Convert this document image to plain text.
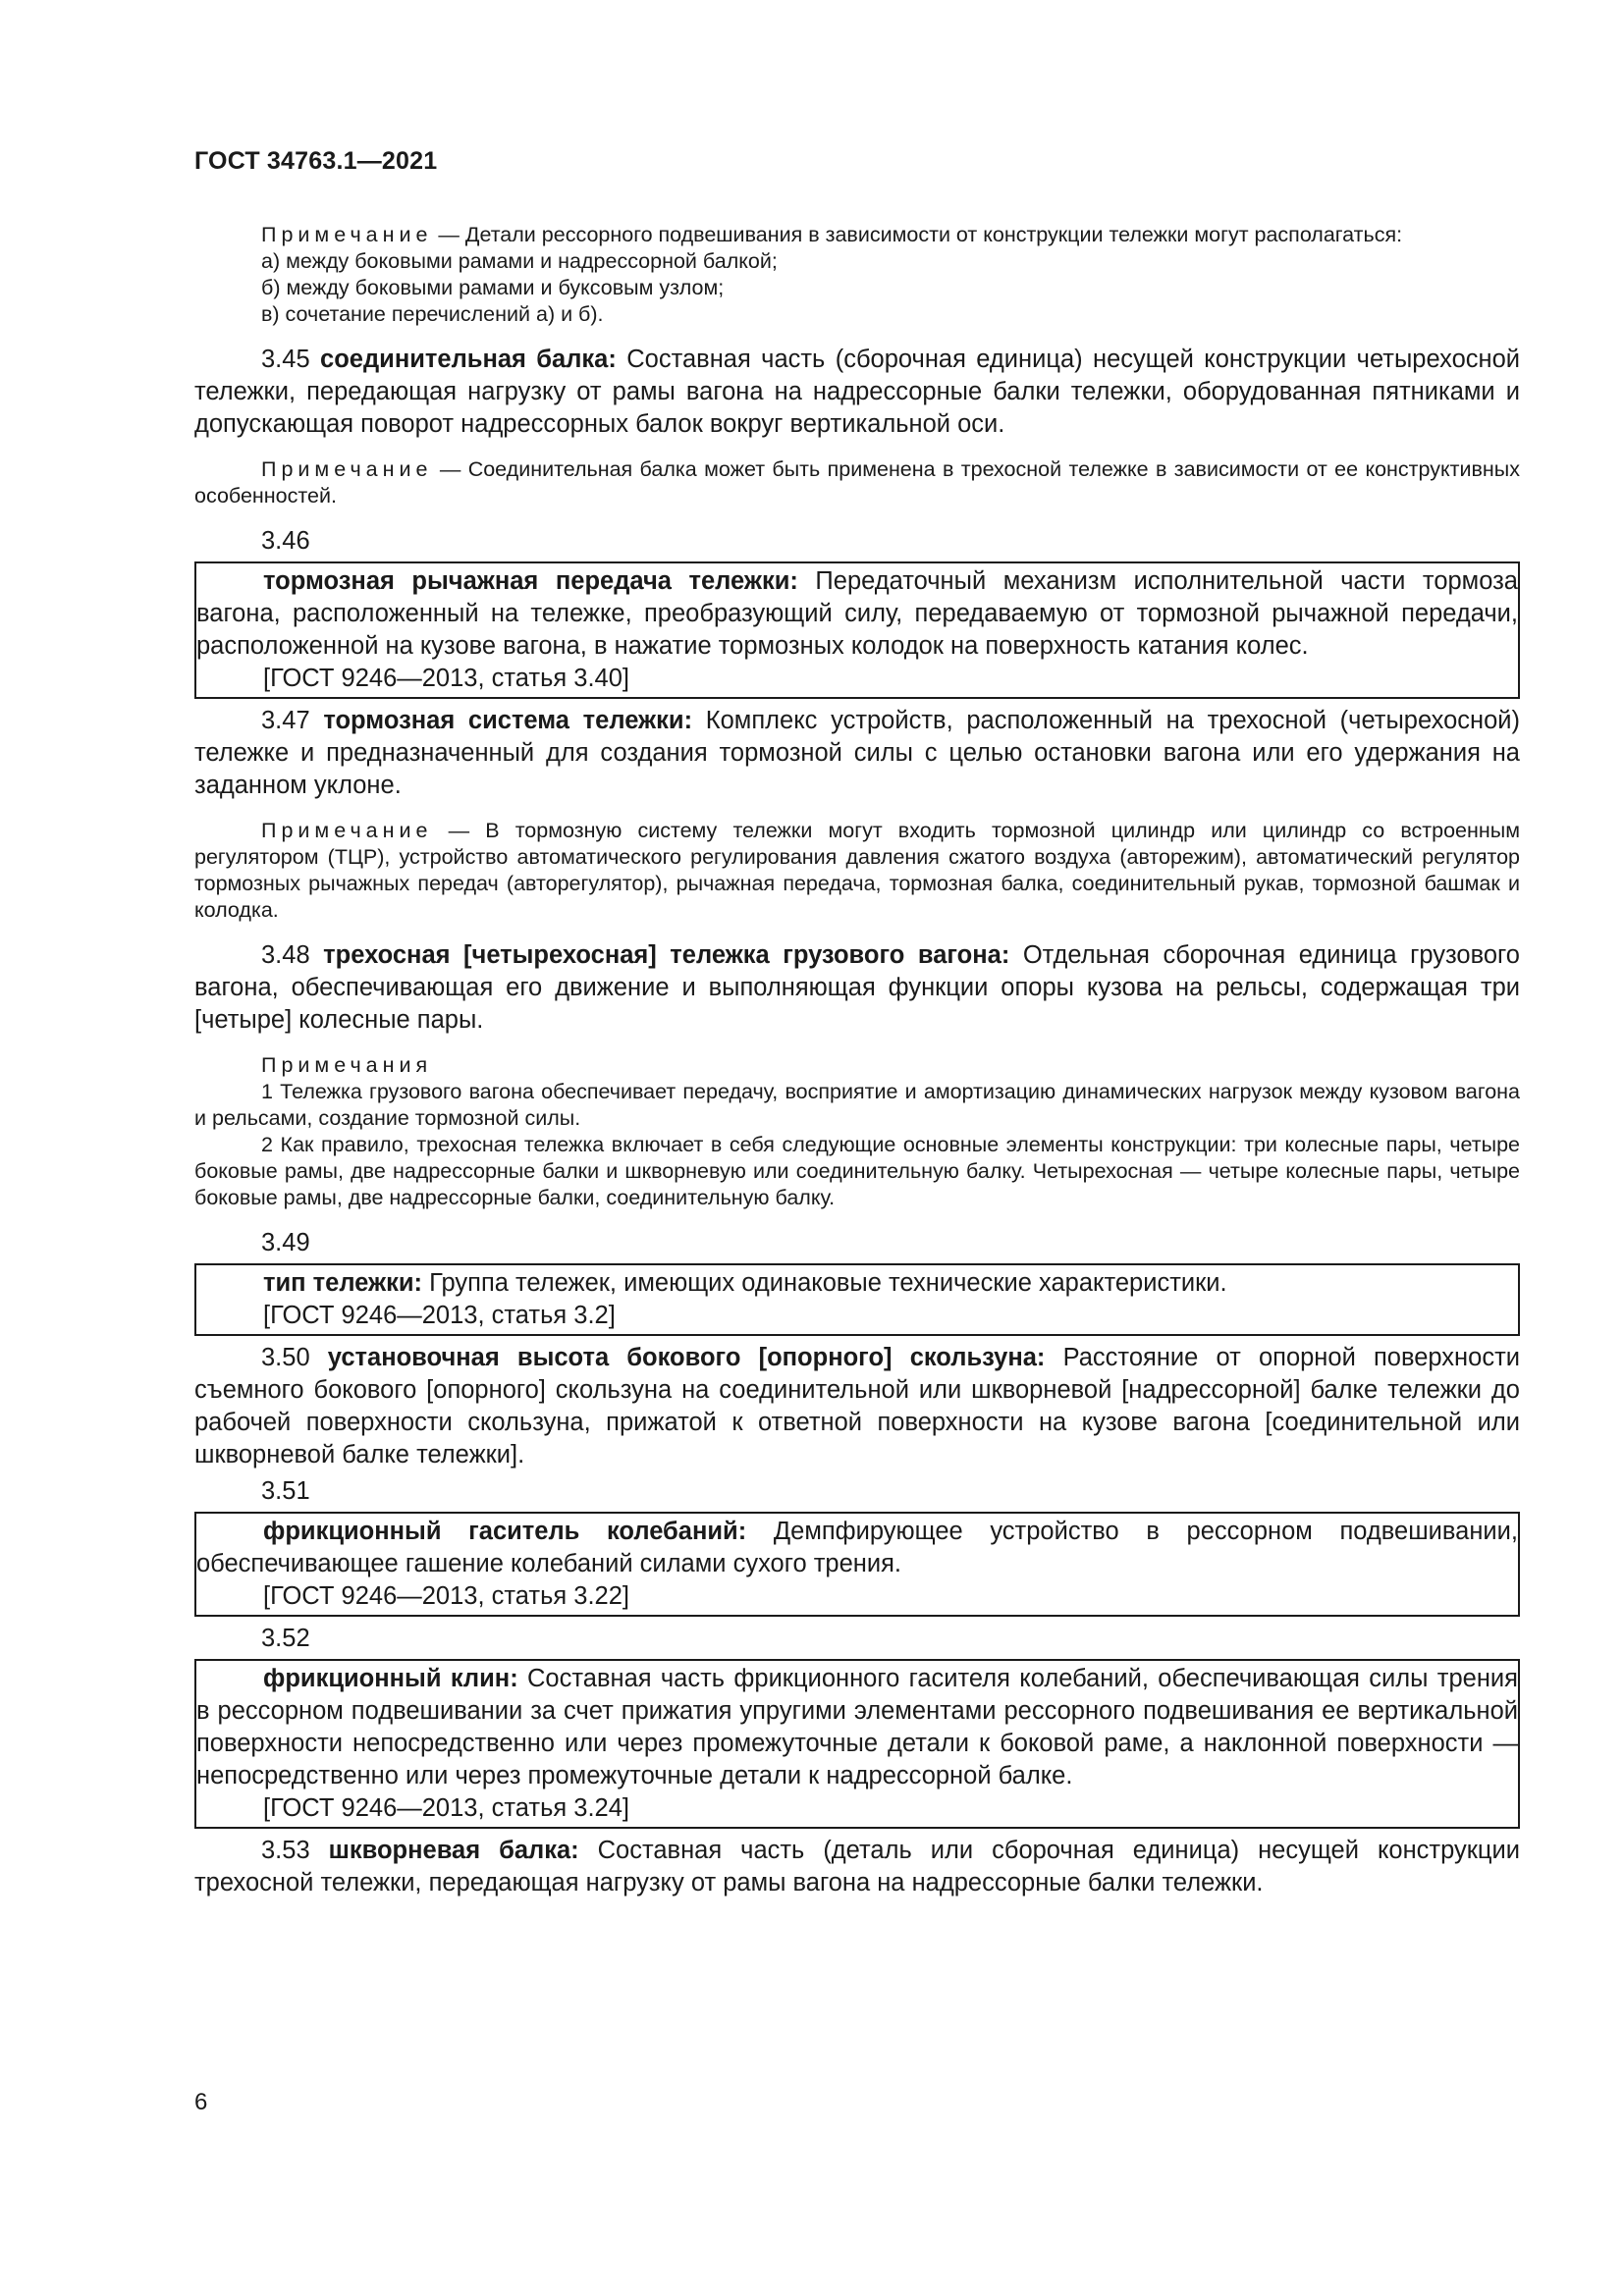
ГОСТ 34763.1—2021

Примечание — Детали рессорного подвешивания в зависимости от конструкции тележки могут располагаться:

а) между боковыми рамами и надрессорной балкой;

б) между боковыми рамами и буксовым узлом;

в) сочетание перечислений а) и б).

3.45 соединительная балка: Составная часть (сборочная единица) несущей конструкции четырехосной тележки, передающая нагрузку от рамы вагона на надрессорные балки тележки, оборудованная пятниками и допускающая поворот надрессорных балок вокруг вертикальной оси.

Примечание — Соединительная балка может быть применена в трехосной тележке в зависимости от ее конструктивных особенностей.

3.46

тормозная рычажная передача тележки: Передаточный механизм исполнительной части тормоза вагона, расположенный на тележке, преобразующий силу, передаваемую от тормозной рычажной передачи, расположенной на кузове вагона, в нажатие тормозных колодок на поверхность катания колес.

[ГОСТ 9246—2013, статья 3.40]

3.47 тормозная система тележки: Комплекс устройств, расположенный на трехосной (четырехосной) тележке и предназначенный для создания тормозной силы с целью остановки вагона или его удержания на заданном уклоне.

Примечание — В тормозную систему тележки могут входить тормозной цилиндр или цилиндр со встроенным регулятором (ТЦР), устройство автоматического регулирования давления сжатого воздуха (авторежим), автоматический регулятор тормозных рычажных передач (авторегулятор), рычажная передача, тормозная балка, соединительный рукав, тормозной башмак и колодка.

3.48 трехосная [четырехосная] тележка грузового вагона: Отдельная сборочная единица грузового вагона, обеспечивающая его движение и выполняющая функции опоры кузова на рельсы, содержащая три [четыре] колесные пары.

Примечания

1 Тележка грузового вагона обеспечивает передачу, восприятие и амортизацию динамических нагрузок между кузовом вагона и рельсами, создание тормозной силы.

2 Как правило, трехосная тележка включает в себя следующие основные элементы конструкции: три колесные пары, четыре боковые рамы, две надрессорные балки и шкворневую или соединительную балку. Четырехосная — четыре колесные пары, четыре боковые рамы, две надрессорные балки, соединительную балку.

3.49

тип тележки: Группа тележек, имеющих одинаковые технические характеристики.

[ГОСТ 9246—2013, статья 3.2]

3.50 установочная высота бокового [опорного] скользуна: Расстояние от опорной поверхности съемного бокового [опорного] скользуна на соединительной или шкворневой [надрессорной] балке тележки до рабочей поверхности скользуна, прижатой к ответной поверхности на кузове вагона [соединительной или шкворневой балке тележки].

3.51

фрикционный гаситель колебаний: Демпфирующее устройство в рессорном подвешивании, обеспечивающее гашение колебаний силами сухого трения.

[ГОСТ 9246—2013, статья 3.22]

3.52

фрикционный клин: Составная часть фрикционного гасителя колебаний, обеспечивающая силы трения в рессорном подвешивании за счет прижатия упругими элементами рессорного подвешивания ее вертикальной поверхности непосредственно или через промежуточные детали к боковой раме, а наклонной поверхности — непосредственно или через промежуточные детали к надрессорной балке.

[ГОСТ 9246—2013, статья 3.24]

3.53 шкворневая балка: Составная часть (деталь или сборочная единица) несущей конструкции трехосной тележки, передающая нагрузку от рамы вагона на надрессорные балки тележки.

6
